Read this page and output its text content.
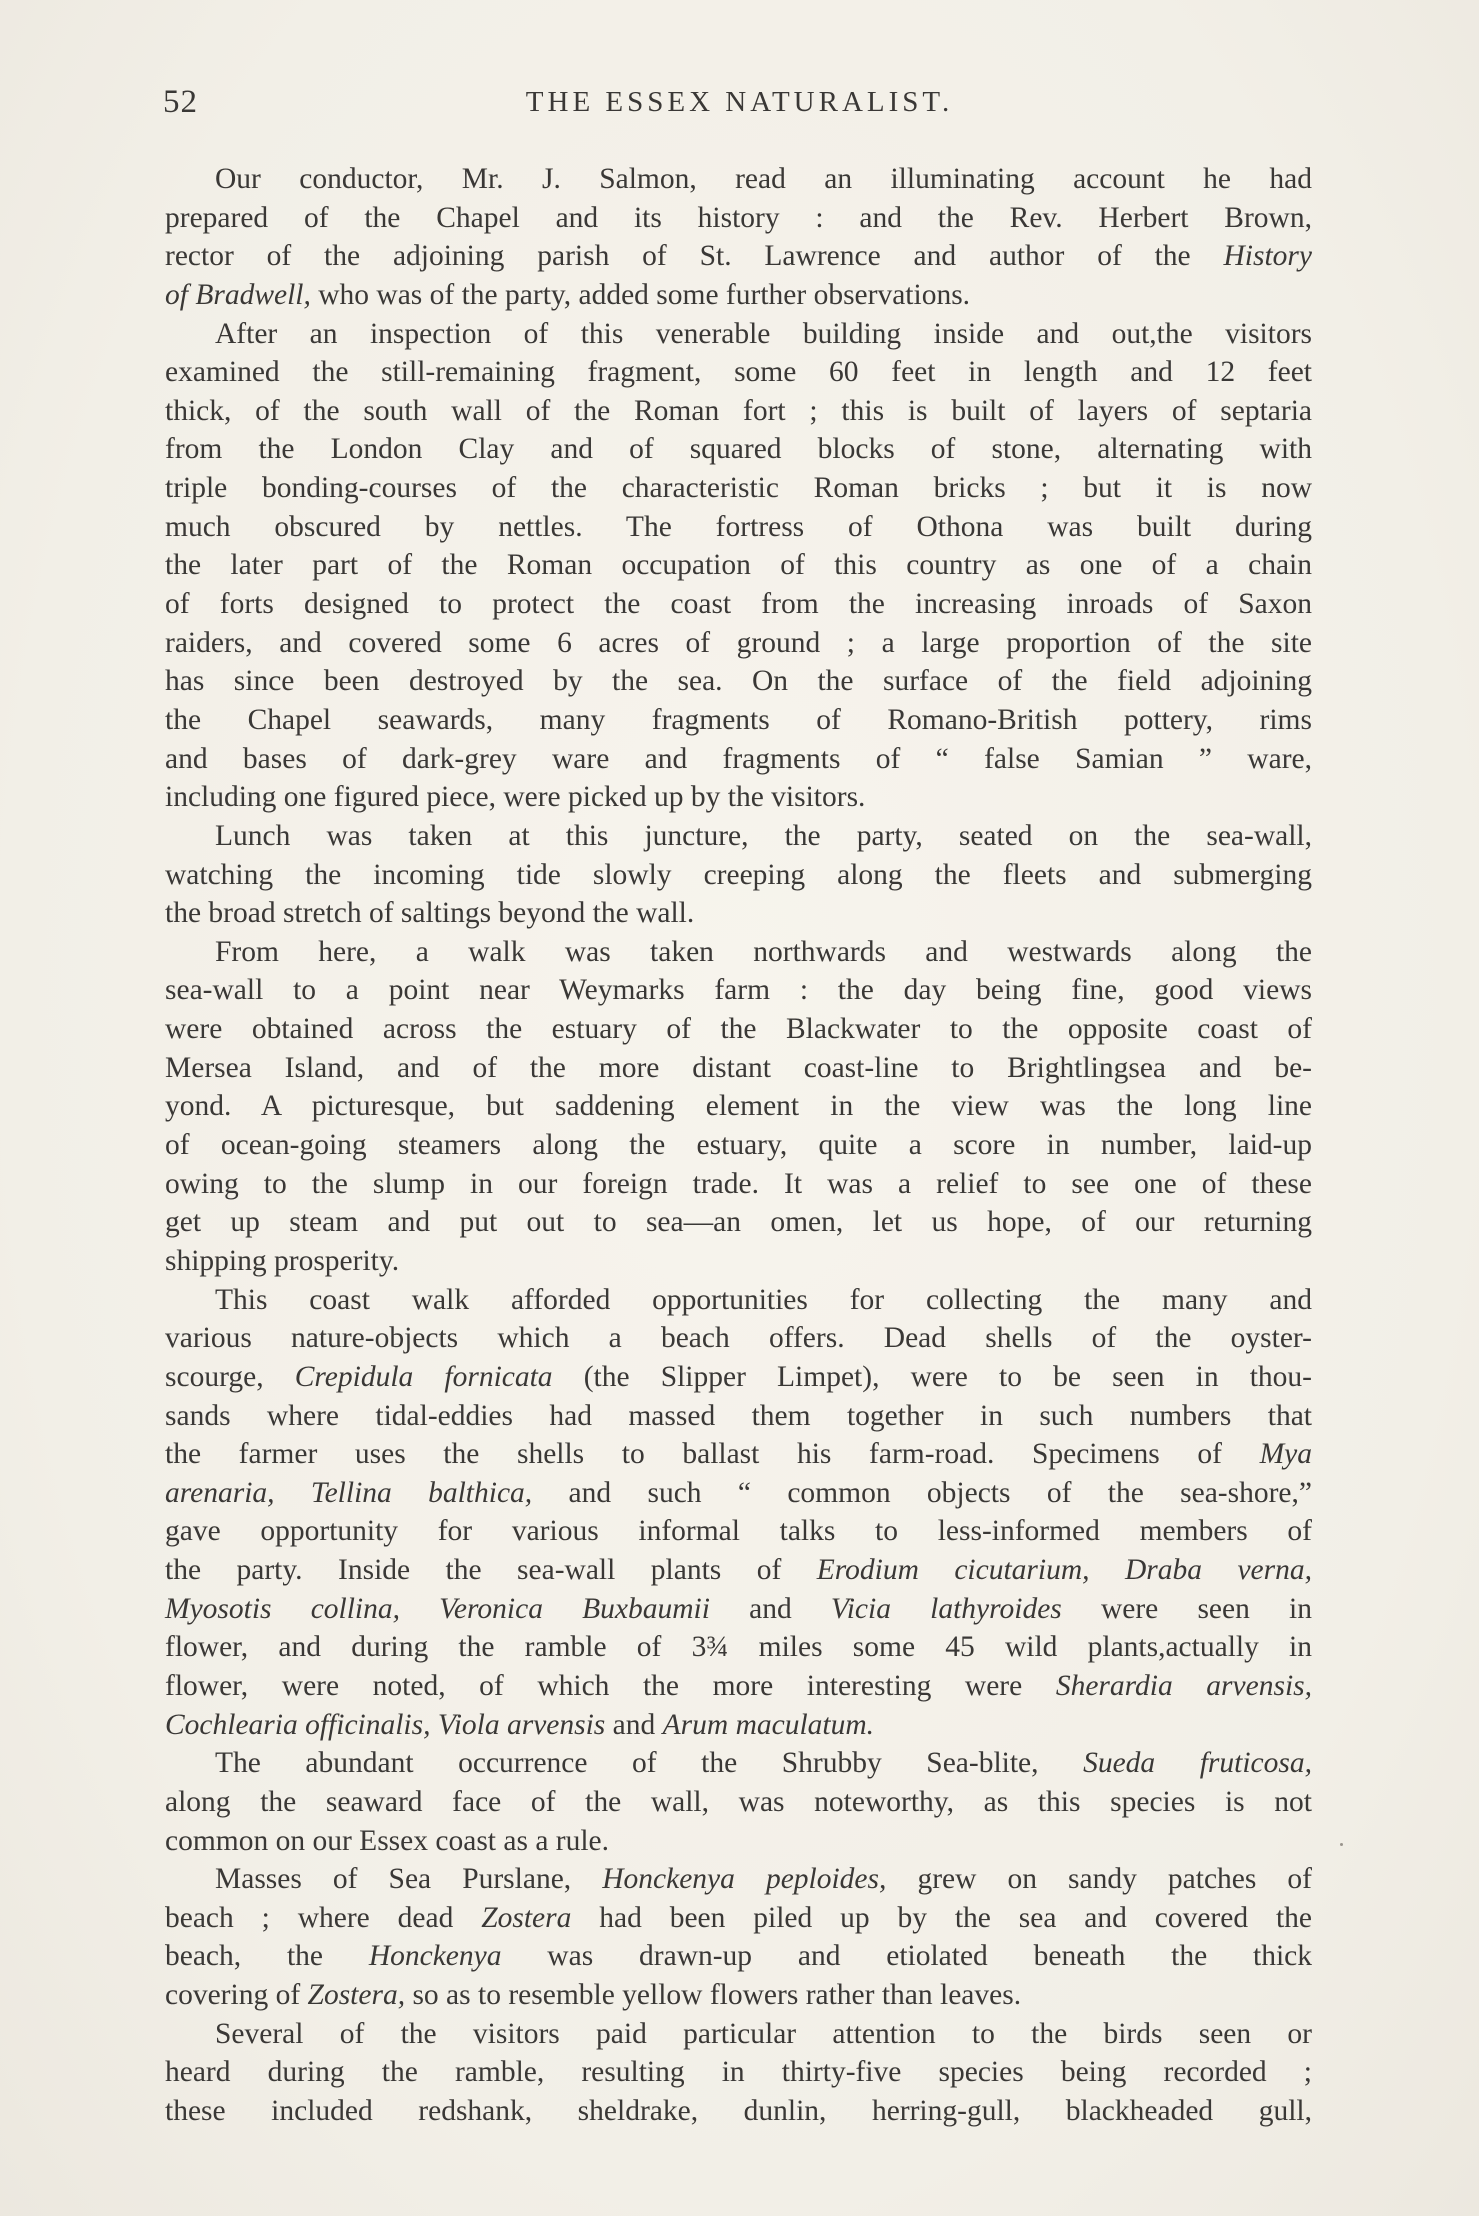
52	THE ESSEX NATURALIST.
Our conductor, Mr. J. Salmon, read an illuminating account he had
prepared of the Chapel and its history : and the Rev. Herbert Brown,
rector of the adjoining parish of St. Lawrence and author of the History
of Bradwell, who was of the party, added some further observations.
After an inspection of this venerable building inside and out,the visitors
examined the still-remaining fragment, some 60 feet in length and 12 feet
thick, of the south wall of the Roman fort ; this is built of layers of septaria
from the London Clay and of squared blocks of stone, alternating with
triple bonding-courses of the characteristic Roman bricks ; but it is now
much obscured by nettles. The fortress of Othona was built during
the later part of the Roman occupation of this country as one of a chain
of forts designed to protect the coast from the increasing inroads of Saxon
raiders, and covered some 6 acres of ground ; a large proportion of the site
has since been destroyed by the sea. On the surface of the field adjoining
the Chapel seawards, many fragments of Romano-British pottery, rims
and bases of dark-grey ware and fragments of “ false Samian ” ware,
including one figured piece, were picked up by the visitors.
Lunch was taken at this juncture, the party, seated on the sea-wall,
watching the incoming tide slowly creeping along the fleets and submerging
the broad stretch of saltings beyond the wall.
From here, a walk was taken northwards and westwards along the
sea-wall to a point near Weymarks farm : the day being fine, good views
were obtained across the estuary of the Blackwater to the opposite coast of
Mersea Island, and of the more distant coast-line to Brightlingsea and be-
yond. A picturesque, but saddening element in the view was the long line
of ocean-going steamers along the estuary, quite a score in number, laid-up
owing to the slump in our foreign trade. It was a relief to see one of these
get up steam and put out to sea—an omen, let us hope, of our returning
shipping prosperity.
This coast walk afforded opportunities for collecting the many and
various nature-objects which a beach offers. Dead shells of the oyster-
scourge, Crepidula fornicata (the Slipper Limpet), were to be seen in thou-
sands where tidal-eddies had massed them together in such numbers that
the farmer uses the shells to ballast his farm-road. Specimens of Mya
arenaria, Tellina balthica, and such “ common objects of the sea-shore,”
gave opportunity for various informal talks to less-informed members of
the party. Inside the sea-wall plants of Erodium cicutarium, Draba verna,
Myosotis collina, Veronica Buxbaumii and Vicia lathyroides were seen in
flower, and during the ramble of 3¾ miles some 45 wild plants,actually in
flower, were noted, of which the more interesting were Sherardia arvensis,
Cochlearia officinalis, Viola arvensis and Arum maculatum.
The abundant occurrence of the Shrubby Sea-blite, Sueda fruticosa,
along the seaward face of the wall, was noteworthy, as this species is not
common on our Essex coast as a rule.
Masses of Sea Purslane, Honckenya peploides, grew on sandy patches of
beach ; where dead Zostera had been piled up by the sea and covered the
beach, the Honckenya was drawn-up and etiolated beneath the thick
covering of Zostera, so as to resemble yellow flowers rather than leaves.
Several of the visitors paid particular attention to the birds seen or
heard during the ramble, resulting in thirty-five species being recorded ;
these included redshank, sheldrake, dunlin, herring-gull, blackheaded gull,
